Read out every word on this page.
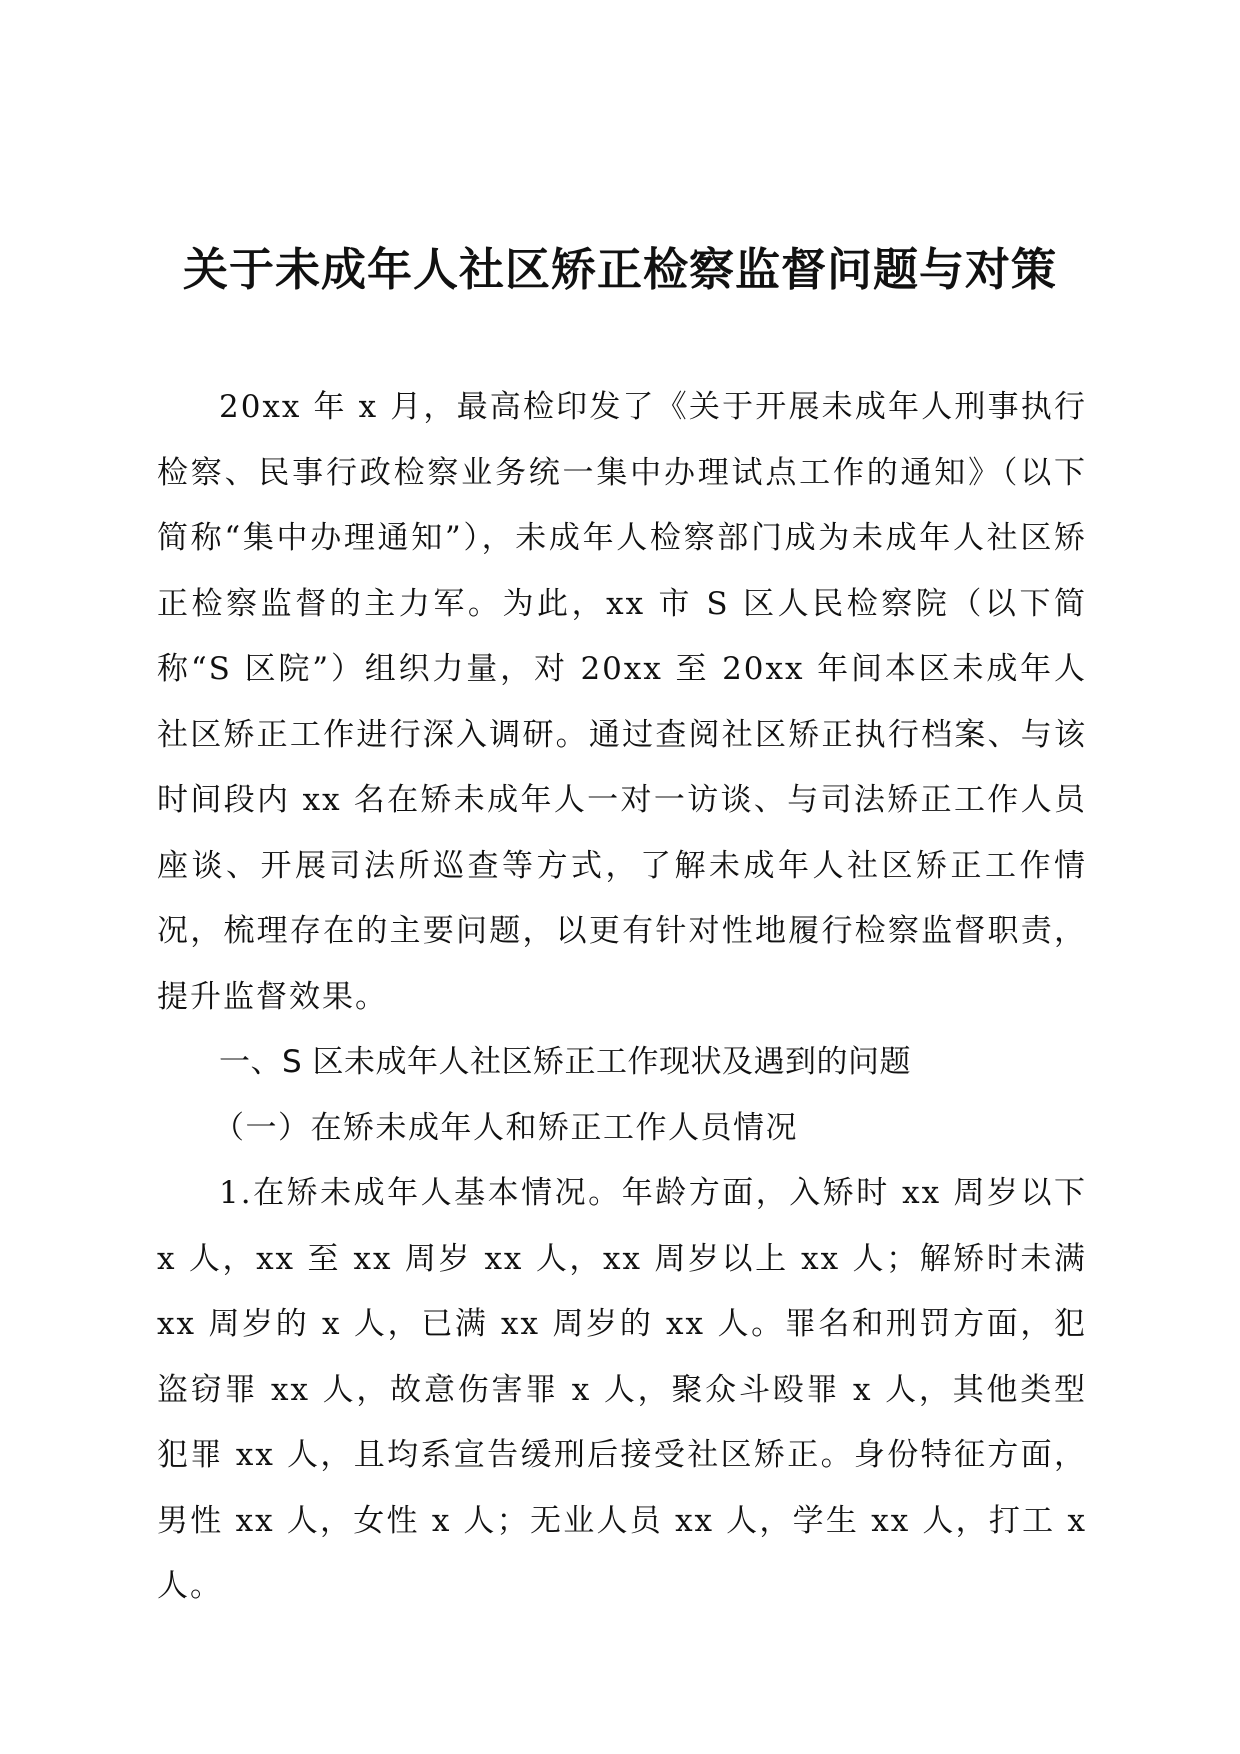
关于未成年人社区矫正检察监督问题与对策

20xx 年 x 月，最高检印发了《关于开展未成年人刑事执行检察、民事行政检察业务统一集中办理试点工作的通知》（以下简称“集中办理通知”），未成年人检察部门成为未成年人社区矫正检察监督的主力军。为此，xx 市 S 区人民检察院（以下简称“S 区院”）组织力量，对 20xx 至 20xx 年间本区未成年人社区矫正工作进行深入调研。通过查阅社区矫正执行档案、与该时间段内 xx 名在矫未成年人一对一访谈、与司法矫正工作人员座谈、开展司法所巡查等方式，了解未成年人社区矫正工作情况，梳理存在的主要问题，以更有针对性地履行检察监督职责，提升监督效果。

一、S 区未成年人社区矫正工作现状及遇到的问题

（一）在矫未成年人和矫正工作人员情况

1.在矫未成年人基本情况。年龄方面，入矫时 xx 周岁以下 x 人，xx 至 xx 周岁 xx 人，xx 周岁以上 xx 人；解矫时未满 xx 周岁的 x 人，已满 xx 周岁的 xx 人。罪名和刑罚方面，犯盗窃罪 xx 人，故意伤害罪 x 人，聚众斗殴罪 x 人，其他类型犯罪 xx 人，且均系宣告缓刑后接受社区矫正。身份特征方面，男性 xx 人，女性 x 人；无业人员 xx 人，学生 xx 人，打工 x 人。
